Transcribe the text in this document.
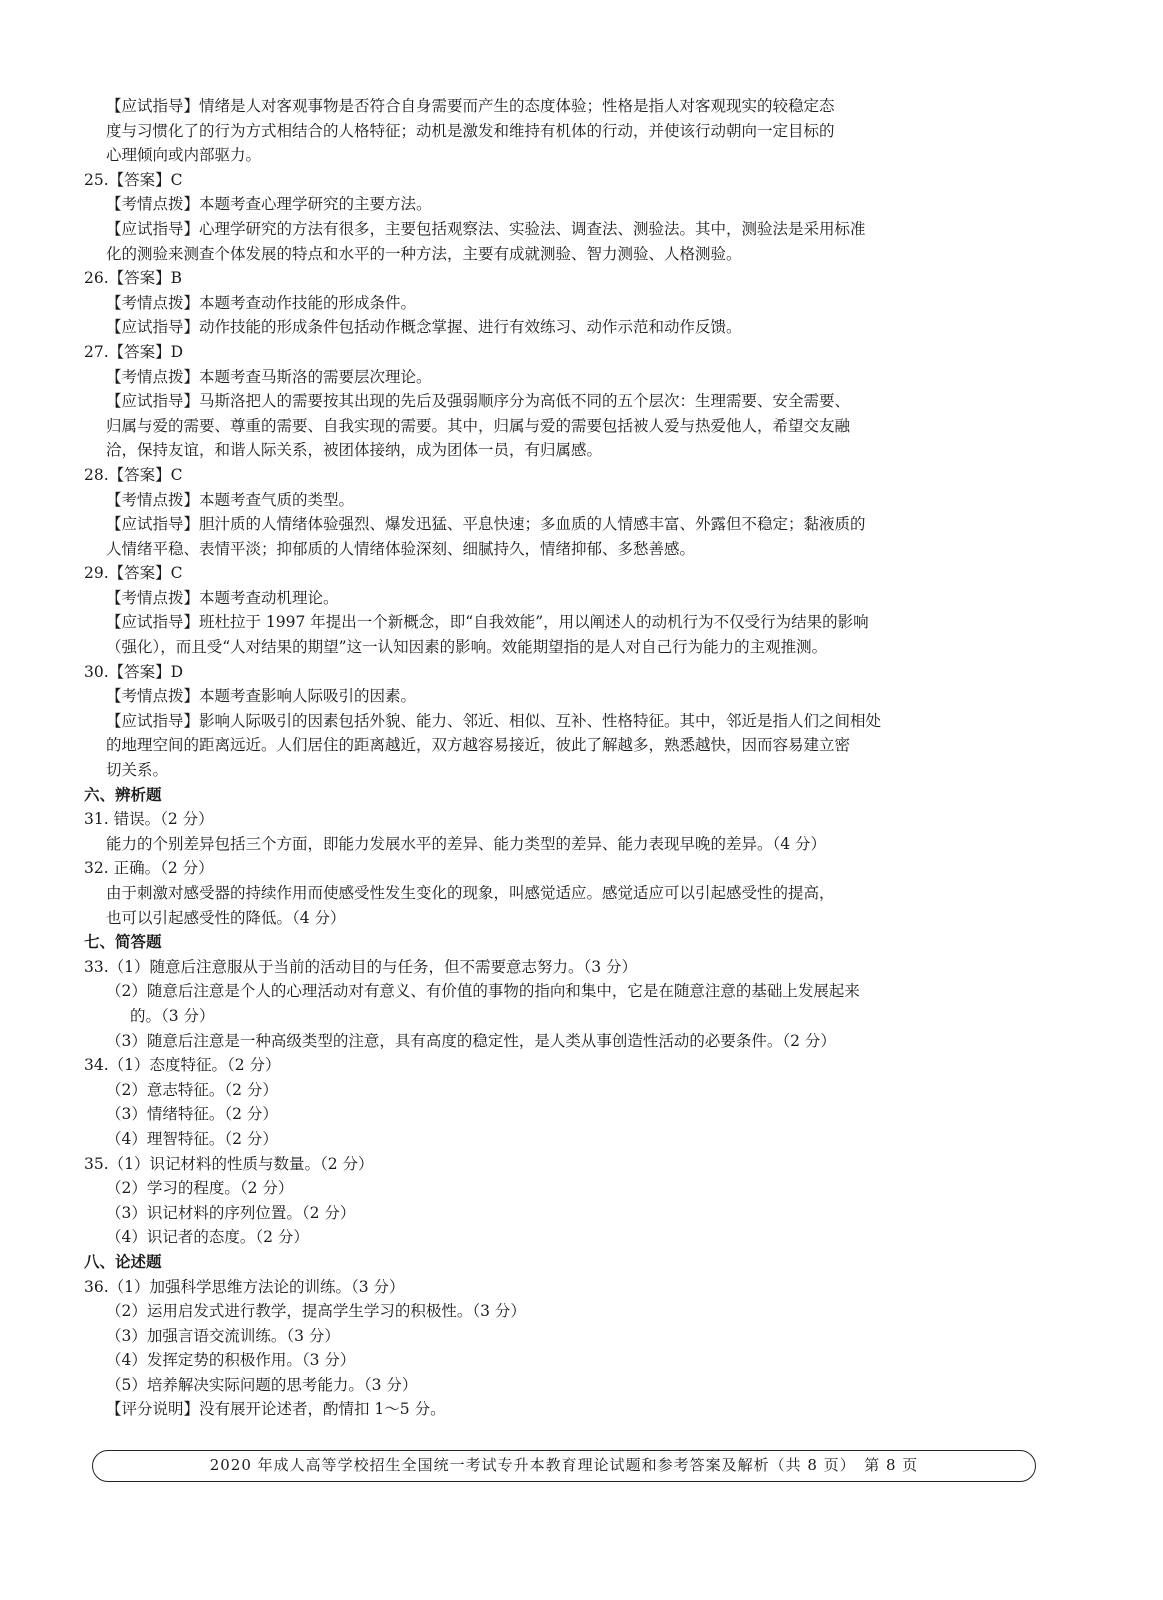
【应试指导】情绪是人对客观事物是否符合自身需要而产生的态度体验；性格是指人对客观现实的较稳定态
度与习惯化了的行为方式相结合的人格特征；动机是激发和维持有机体的行动，并使该行动朝向一定目标的
心理倾向或内部驱力。
25.【答案】C
【考情点拨】本题考查心理学研究的主要方法。
【应试指导】心理学研究的方法有很多，主要包括观察法、实验法、调查法、测验法。其中，测验法是采用标准
化的测验来测查个体发展的特点和水平的一种方法，主要有成就测验、智力测验、人格测验。
26.【答案】B
【考情点拨】本题考查动作技能的形成条件。
【应试指导】动作技能的形成条件包括动作概念掌握、进行有效练习、动作示范和动作反馈。
27.【答案】D
【考情点拨】本题考查马斯洛的需要层次理论。
【应试指导】马斯洛把人的需要按其出现的先后及强弱顺序分为高低不同的五个层次：生理需要、安全需要、
归属与爱的需要、尊重的需要、自我实现的需要。其中，归属与爱的需要包括被人爱与热爱他人，希望交友融
洽，保持友谊，和谐人际关系，被团体接纳，成为团体一员，有归属感。
28.【答案】C
【考情点拨】本题考查气质的类型。
【应试指导】胆汁质的人情绪体验强烈、爆发迅猛、平息快速；多血质的人情感丰富、外露但不稳定；黏液质的
人情绪平稳、表情平淡；抑郁质的人情绪体验深刻、细腻持久，情绪抑郁、多愁善感。
29.【答案】C
【考情点拨】本题考查动机理论。
【应试指导】班杜拉于 1997 年提出一个新概念，即“自我效能”，用以阐述人的动机行为不仅受行为结果的影响
（强化），而且受“人对结果的期望”这一认知因素的影响。效能期望指的是人对自己行为能力的主观推测。
30.【答案】D
【考情点拨】本题考查影响人际吸引的因素。
【应试指导】影响人际吸引的因素包括外貌、能力、邻近、相似、互补、性格特征。其中，邻近是指人们之间相处
的地理空间的距离远近。人们居住的距离越近，双方越容易接近，彼此了解越多，熟悉越快，因而容易建立密
切关系。
六、辨析题
31. 错误。（2 分）
能力的个别差异包括三个方面，即能力发展水平的差异、能力类型的差异、能力表现早晚的差异。（4 分）
32. 正确。（2 分）
由于刺激对感受器的持续作用而使感受性发生变化的现象，叫感觉适应。感觉适应可以引起感受性的提高，
也可以引起感受性的降低。（4 分）
七、简答题
33.（1）随意后注意服从于当前的活动目的与任务，但不需要意志努力。（3 分）
（2）随意后注意是个人的心理活动对有意义、有价值的事物的指向和集中，它是在随意注意的基础上发展起来
的。（3 分）
（3）随意后注意是一种高级类型的注意，具有高度的稳定性，是人类从事创造性活动的必要条件。（2 分）
34.（1）态度特征。（2 分）
（2）意志特征。（2 分）
（3）情绪特征。（2 分）
（4）理智特征。（2 分）
35.（1）识记材料的性质与数量。（2 分）
（2）学习的程度。（2 分）
（3）识记材料的序列位置。（2 分）
（4）识记者的态度。（2 分）
八、论述题
36.（1）加强科学思维方法论的训练。（3 分）
（2）运用启发式进行教学，提高学生学习的积极性。（3 分）
（3）加强言语交流训练。（3 分）
（4）发挥定势的积极作用。（3 分）
（5）培养解决实际问题的思考能力。（3 分）
【评分说明】没有展开论述者，酌情扣 1～5 分。
2020 年成人高等学校招生全国统一考试专升本教育理论试题和参考答案及解析（共 8 页）　第 8 页
